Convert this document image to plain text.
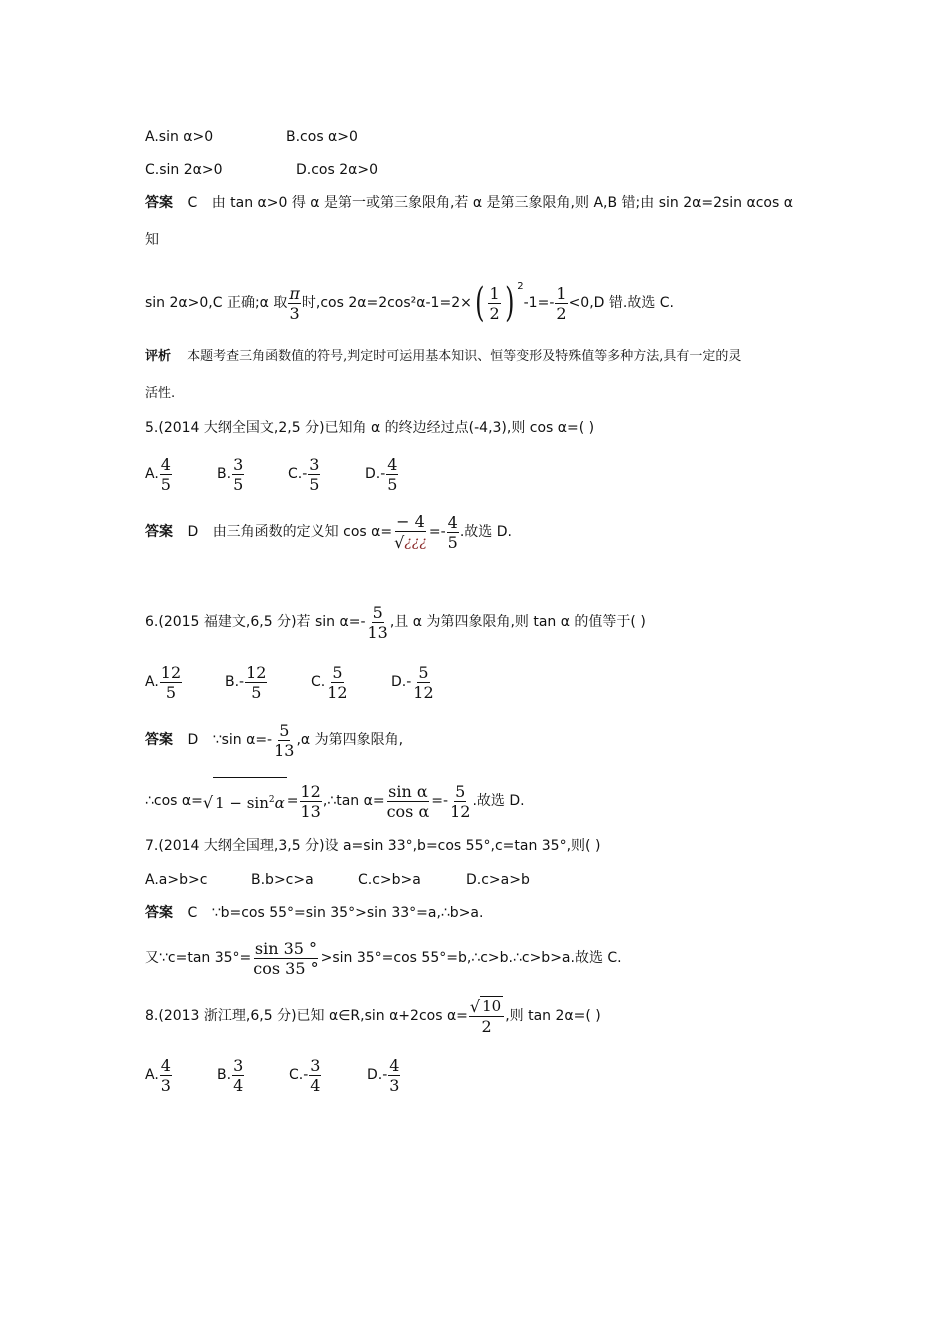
A.sin α>0	B.cos α>0
C.sin 2α>0	D.cos 2α>0
答案 C 由 tan α>0 得 α 是第一或第三象限角,若 α 是第三象限角,则 A,B 错;由 sin 2α=2sin αcos α
知
sin 2α>0,C 正确;α 取 $\frac{\pi}{3}$ 时,cos $2\alpha=2\cos^2\alpha-1=2\times( \frac{1}{2}$ ) $^2-1=- \frac{1}{2} <0,D$ 错.故选 C.
评析 本题考查三角函数值的符号,判定时可运用基本知识、恒等变形及特殊值等多种方法,具有一定的灵
活性.
5.(2014 大纲全国文,2,5 分)已知角 α 的终边经过点(-4,3),则 cos α=( )
A. $\frac{4}{5}$	B. $\frac{3}{5}$	$C.- \frac{3}{5}$	$D.- \frac{4}{5}$
答案 D 由三角函数的定义知 $\cos \alpha= \frac{- 4}{√ ¿¿¿} =- \frac{4}{5}$ .故选 D.
6.(2015 福建文,6,5 分)若 $\sin \alpha=- \frac{5}{13}$ ,且 α 为第四象限角,则 tan α 的值等于( )
A. $\frac{12}{5}$	$B.- \frac{12}{5}$	C. $\frac{5}{12}$	$D.- \frac{5}{12}$
答案 D ∵sin $\alpha=- \frac{5}{13} ,\alpha$ 为第四象限角,
∴cos α= √ $1 - \sin^2\alpha = \frac{12}{13}$ ,∴tan $\alpha= \frac{\text{sin α}}{\text{cos α}} =- \frac{5}{12}$ .故选 D.
7.(2014 大纲全国理,3,5 分)设 a=sin 33°,b=cos 55°,c=tan 35°,则( )
A.a>b>c	B.b>c>a	C.c>b>a	D.c>a>b
答案 C ∵b=cos 55°=sin 35°>sin 33°=a,∴b>a.
又∵c=tan $35^\circ= \frac{\sin 35 ^\circ}{\cos 35 ^\circ} >\sin$ 35°=cos 55°=b,∴c>b.∴c>b>a.故选 C.
8.(2013 浙江理,6,5 分)已知 α∈R,sin α+2cos $\alpha= \frac{√ 10}{2}$ ,则 tan 2α=( )
A. $\frac{4}{3}$	B. $\frac{3}{4}$	$C.- \frac{3}{4}$	$D.- \frac{4}{3}$
